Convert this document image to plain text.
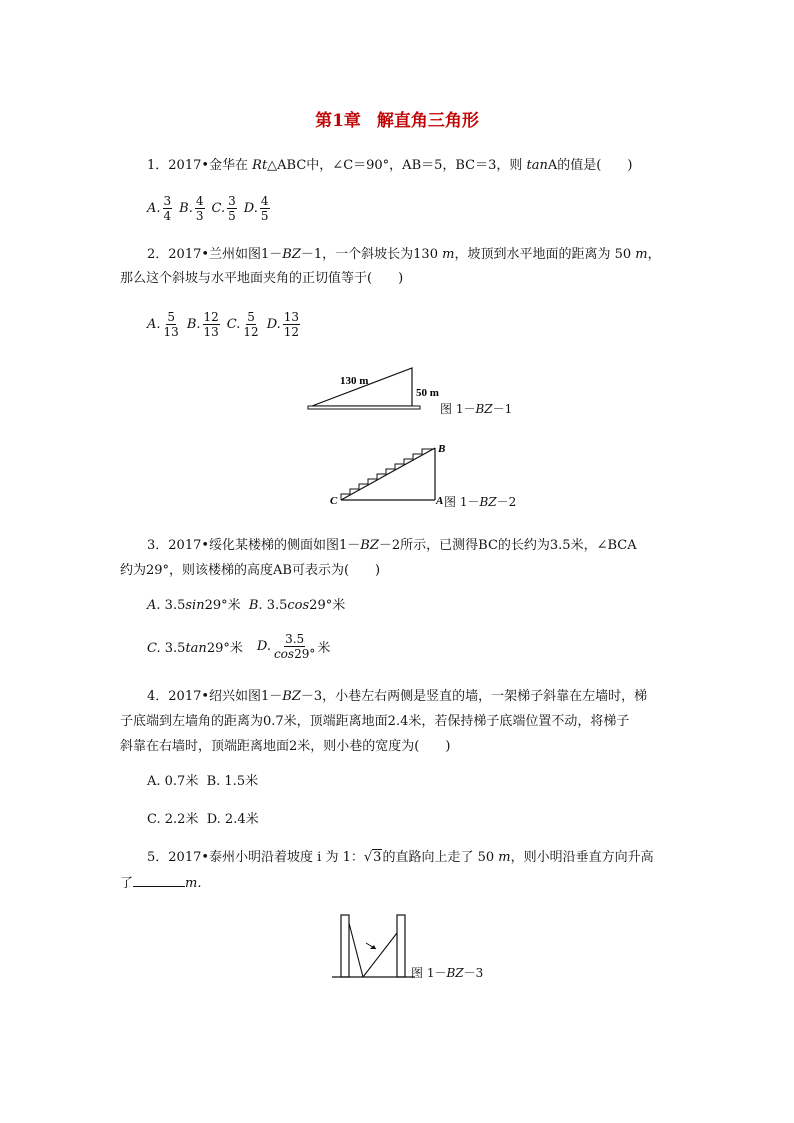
第1章 解直角三角形
1．2017•金华在 Rt△ABC中，∠C＝90°，AB＝5，BC＝3，则 tanA的值是(　　)
A. $\frac{3}{4} B$. $\frac{4}{3} C$. $\frac{3}{5} D$. $\frac{4}{5}$
2．2017•兰州如图1－BZ－1，一个斜坡长为130 m，坡顶到水平地面的距离为 50 m，
那么这个斜坡与水平地面夹角的正切值等于(　　)
A. $\frac{5}{13} B$. $\frac{12}{13} C$. $\frac{5}{12} D$. $\frac{13}{12}$
130 m
50 m
图 1－BZ－1
B
C	A 图 1－BZ－2
3．2017•绥化某楼梯的侧面如图1－BZ－2所示，已测得BC的长约为3.5米，∠BCA
约为29°，则该楼梯的高度AB可表示为(　　)
A. 3.5sin29°米 B. 3.5cos29°米
C. 3.5tan29°米 D. $\frac{3.5}{\cos 29^\circ}$ 米
4．2017•绍兴如图1－BZ－3，小巷左右两侧是竖直的墙，一架梯子斜靠在左墙时，梯
子底端到左墙角的距离为0.7米，顶端距离地面2.4米，若保持梯子底端位置不动，将梯子
斜靠在右墙时，顶端距离地面2米，则小巷的宽度为(　　)
A. 0.7米 B. 1.5米
C. 2.2米 D. 2.4米
5．2017•泰州小明沿着坡度 i 为 1：√3的直路向上走了 50 m，则小明沿垂直方向升高
了	m.
图 1－BZ－3
